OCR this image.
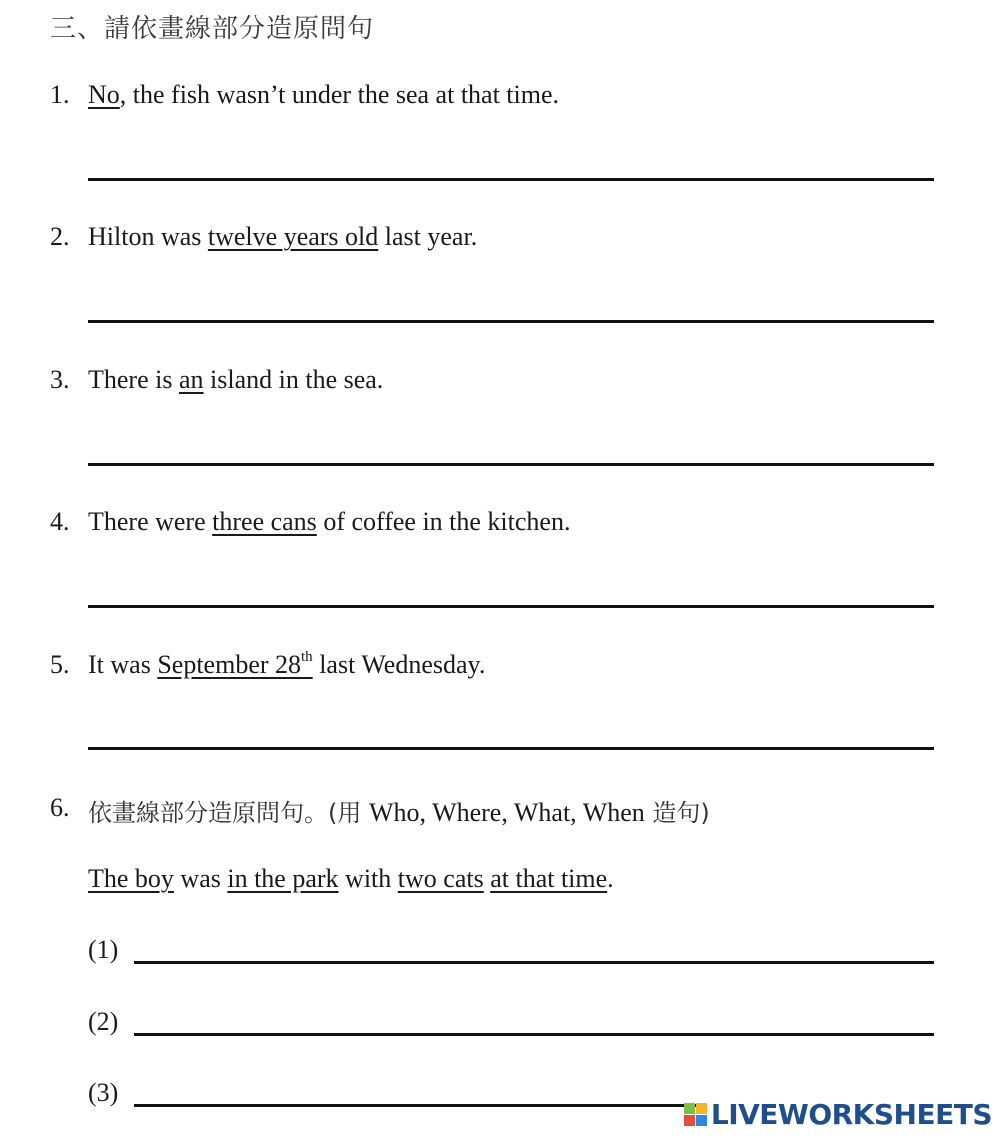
三、請依畫線部分造原問句
1. No, the fish wasn’t under the sea at that time.
2. Hilton was twelve years old last year.
3. There is an island in the sea.
4. There were three cans of coffee in the kitchen.
5. It was September 28th last Wednesday.
6. 依畫線部分造原問句。(用 Who, Where, What, When 造句)
The boy was in the park with two cats at that time.
(1)
(2)
(3)
LIVEWORKSHEETS
